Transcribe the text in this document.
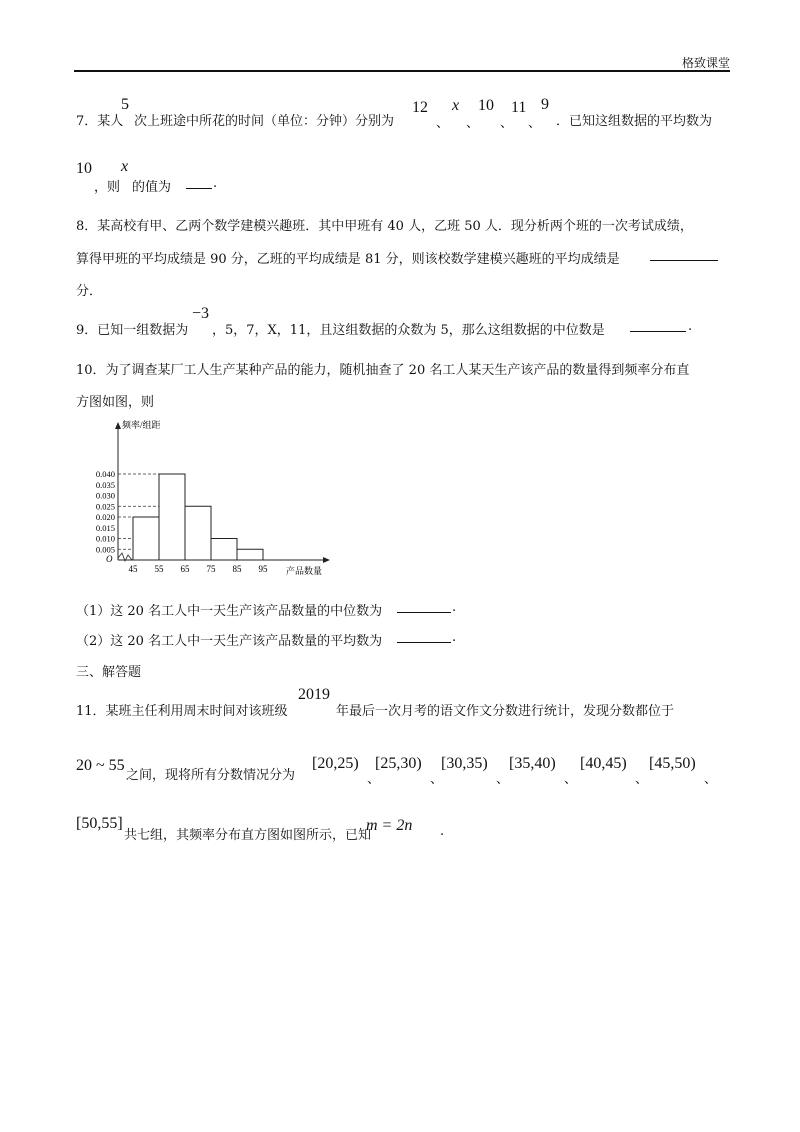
格致课堂
7．某人
5
次上班途中所花的时间（单位：分钟）分别为
12
、
x
、
10
、
11
、
9
．已知这组数据的平均数为
10
，则
x
的值为	.
8．某高校有甲、乙两个数学建模兴趣班．其中甲班有 40 人，乙班 50 人．现分析两个班的一次考试成绩，
算得甲班的平均成绩是 90 分，乙班的平均成绩是 81 分，则该校数学建模兴趣班的平均成绩是
分．
9．已知一组数据为
−3
，5，7，X，11，且这组数据的众数为 5，那么这组数据的中位数是	.
10．为了调查某厂工人生产某种产品的能力，随机抽查了 20 名工人某天生产该产品的数量得到频率分布直
方图如图，则
0.005
0.010
0.015
0.020
0.025
0.030
0.035
0.040
45 55 65 75 85 95
O
频率/组距
产品数量
（1）这 20 名工人中一天生产该产品数量的中位数为	.
（2）这 20 名工人中一天生产该产品数量的平均数为	.
三、解答题
11．某班主任利用周末时间对该班级
2019
年最后一次月考的语文作文分数进行统计，发现分数都位于
20 ~ 55
之间，现将所有分数情况分为
[20,25)
、
[25,30)
、
[30,35)
、
[35,40)
、
[40,45)
、
[45,50)
、
[50,55]
共七组，其频率分布直方图如图所示，已知
m = 2n .
